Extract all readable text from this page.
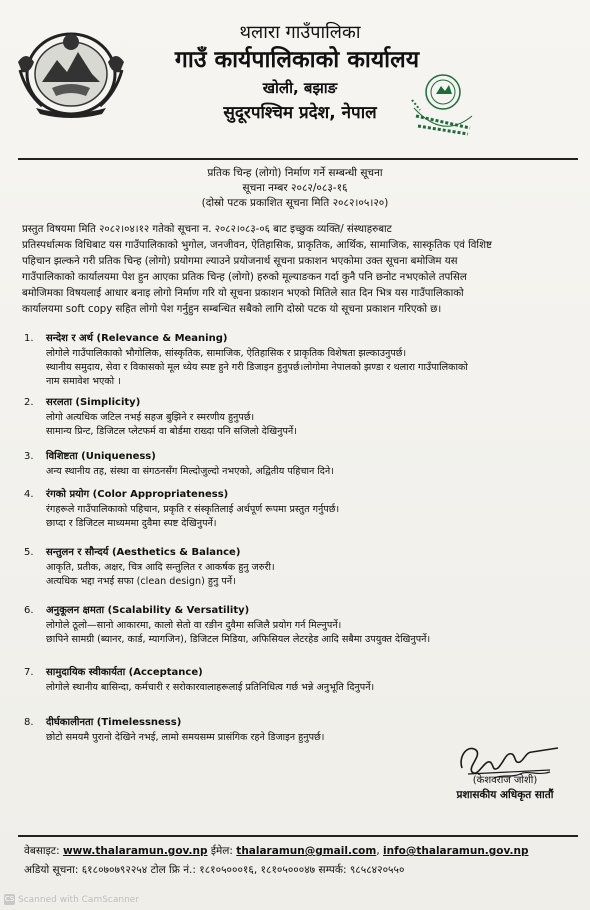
थलारा गाउँपालिका
गाउँ कार्यपालिकाको कार्यालय
खोली, बझाङ
सुदूरपश्चिम प्रदेश, नेपाल
प्रतिक चिन्ह (लोगो) निर्माण गर्ने सम्बन्धी सूचना
सूचना नम्बर २०८२/०८३-१६
(दोस्रो पटक प्रकाशित सूचना मिति २०८२।०५।२०)
प्रस्तुत विषयमा मिति २०८२।०४।१२ गतेको सूचना न. २०८२।०८३-०६ बाट इच्छुक व्यक्ति/ संस्थाहरुबाट
प्रतिस्पर्धात्मक विधिबाट यस गाउँपालिकाको भुगोल, जनजीवन, ऐतिहासिक, प्राकृतिक, आर्थिक, सामाजिक, सास्कृतिक एवं विशिष्ट
पहिचान झल्कने गरी प्रतिक चिन्ह (लोगो) प्रयोगमा ल्याउने प्रयोजनार्थ सूचना प्रकाशन भएकोमा उक्त सूचना बमोजिम यस
गाउँपालिकाको कार्यालयमा पेश हुन आएका प्रतिक चिन्ह (लोगो) हरुको मूल्याङकन गर्दा कुनै पनि छनोट नभएकोले तपसिल
बमोजिमका विषयलाई आधार बनाइ लोगो निर्माण गरि यो सूचना प्रकाशन भएको मितिले सात दिन भित्र यस गाउँपालिकाको
कार्यालयमा soft copy सहित लोगो पेश गर्नुहुन सम्बन्धित सबैको लागि दोस्रो पटक यो सूचना प्रकाशन गरिएको छ।
1.	सन्देश र अर्थ (Relevance & Meaning)
लोगोले गाउँपालिकाको भौगोलिक, सांस्कृतिक, सामाजिक, ऐतिहासिक र प्राकृतिक विशेषता झल्काउनुपर्छ।
स्थानीय समुदाय, सेवा र विकासको मूल ध्येय स्पष्ट हुने गरी डिजाइन हुनुपर्छ।लोगोमा नेपालको झण्डा र थलारा गाउँपालिकाको
नाम समावेश भएको ।
2.	सरलता (Simplicity)
लोगो अत्यधिक जटिल नभई सहज बुझिने र स्मरणीय हुनुपर्छ।
सामान्य प्रिन्ट, डिजिटल प्लेटफर्म वा बोर्डमा राख्दा पनि सजिलो देखिनुपर्ने।
3.	विशिष्टता (Uniqueness)
अन्य स्थानीय तह, संस्था वा संगठनसँग मिल्दोजुल्दो नभएको, अद्वितीय पहिचान दिने।
4.	रंगको प्रयोग (Color Appropriateness)
रंगहरूले गाउँपालिकाको पहिचान, प्रकृति र संस्कृतिलाई अर्थपूर्ण रूपमा प्रस्तुत गर्नुपर्छ।
छाप्दा र डिजिटल माध्यममा दुवैमा स्पष्ट देखिनुपर्ने।
5.	सन्तुलन र सौन्दर्य (Aesthetics & Balance)
आकृति, प्रतीक, अक्षर, चित्र आदि सन्तुलित र आकर्षक हुनु जरुरी।
अत्यधिक भद्दा नभई सफा (clean design) हुनु पर्ने।
6.	अनुकूलन क्षमता (Scalability & Versatility)
लोगोले ठूलो—सानो आकारमा, कालो सेतो वा रङीन दुवैमा सजिलै प्रयोग गर्न मिल्नुपर्ने।
छापिने सामग्री (ब्यानर, कार्ड, म्यागजिन), डिजिटल मिडिया, अफिसियल लेटरहेड आदि सबैमा उपयुक्त देखिनुपर्ने।
7.	सामुदायिक स्वीकार्यता (Acceptance)
लोगोले स्थानीय बासिन्दा, कर्मचारी र सरोकारवालाहरूलाई प्रतिनिधित्व गर्छ भन्ने अनुभूति दिनुपर्ने।
8.	दीर्घकालीनता (Timelessness)
छोटो समयमै पुरानो देखिने नभई, लामो समयसम्म प्रासंगिक रहने डिजाइन हुनुपर्छ।
(केशवराज जोशी)
प्रशासकीय अधिकृत सातौं
वेबसाइट: www.thalaramun.gov.np ईमेल: thalaramun@gmail.com, info@thalaramun.gov.np
अडियो सूचना: ६१८०७०७९२२५४ टोल फ्रि नं.: १८१०५०००१६, १८१०५०००४७ सम्पर्क: ९८५८४२०५५०
CS Scanned with CamScanner
